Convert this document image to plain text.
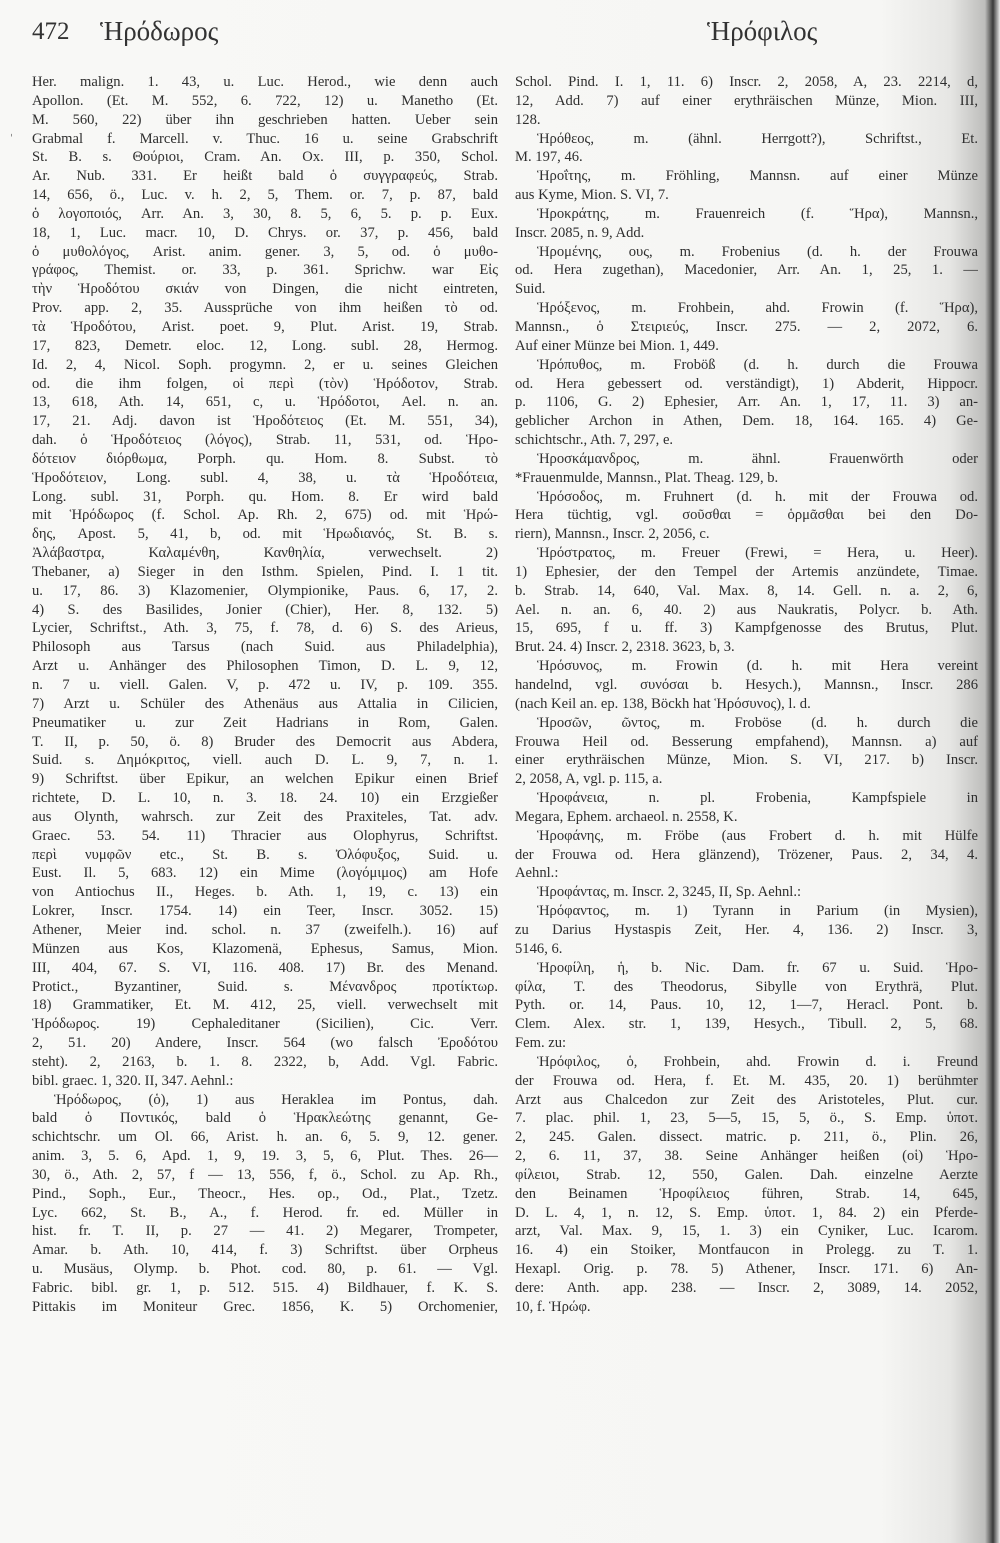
472 Ἡρόδωρος	Ἡρόφιλος
ˌ
Her. malign. 1. 43, u. Luc. Herod., wie denn auch
Apollon. (Et. M. 552, 6. 722, 12) u. Manetho (Et.
M. 560, 22) über ihn geschrieben hatten. Ueber sein
Grabmal f. Marcell. v. Thuc. 16 u. seine Grabschrift
St. B. s. Θούριοι, Cram. An. Ox. III, p. 350, Schol.
Ar. Nub. 331. Er heißt bald ὁ συγγραφεύς, Strab.
14, 656, ö., Luc. v. h. 2, 5, Them. or. 7, p. 87, bald
ὁ λογοποιός, Arr. An. 3, 30, 8. 5, 6, 5. p. p. Eux.
18, 1, Luc. macr. 10, D. Chrys. or. 37, p. 456, bald
ὁ μυθολόγος, Arist. anim. gener. 3, 5, od. ὁ μυθο-
γράφος, Themist. or. 33, p. 361. Sprichw. war Εἰς
τὴν Ἡροδότου σκιάν von Dingen, die nicht eintreten,
Prov. app. 2, 35. Aussprüche von ihm heißen τὸ od.
τὰ Ἡροδότου, Arist. poet. 9, Plut. Arist. 19, Strab.
17, 823, Demetr. eloc. 12, Long. subl. 28, Hermog.
Id. 2, 4, Nicol. Soph. progymn. 2, er u. seines Gleichen
od. die ihm folgen, οἱ περὶ (τὸν) Ἡρόδοτον, Strab.
13, 618, Ath. 14, 651, c, u. Ἡρόδοτοι, Ael. n. an.
17, 21. Adj. davon ist Ἡροδότειος (Et. M. 551, 34),
dah. ὁ Ἡροδότειος (λόγος), Strab. 11, 531, od. Ἡρο-
δότειον διόρθωμα, Porph. qu. Hom. 8. Subst. τὸ
Ἡροδότειον, Long. subl. 4, 38, u. τὰ Ἡροδότεια,
Long. subl. 31, Porph. qu. Hom. 8. Er wird bald
mit Ἡρόδωρος (f. Schol. Ap. Rh. 2, 675) od. mit Ἡρώ-
δης, Apost. 5, 41, b, od. mit Ἡρωδιανός, St. B. s.
Ἀλάβαστρα, Καλαμένθη, Κανθηλία, verwechselt. 2)
Thebaner, a) Sieger in den Isthm. Spielen, Pind. I. 1 tit.
u. 17, 86. 3) Klazomenier, Olympionike, Paus. 6, 17, 2.
4) S. des Basilides, Jonier (Chier), Her. 8, 132. 5)
Lycier, Schriftst., Ath. 3, 75, f. 78, d. 6) S. des Arieus,
Philosoph aus Tarsus (nach Suid. aus Philadelphia),
Arzt u. Anhänger des Philosophen Timon, D. L. 9, 12,
n. 7 u. viell. Galen. V, p. 472 u. IV, p. 109. 355.
7) Arzt u. Schüler des Athenäus aus Attalia in Cilicien,
Pneumatiker u. zur Zeit Hadrians in Rom, Galen.
T. II, p. 50, ö. 8) Bruder des Democrit aus Abdera,
Suid. s. Δημόκριτος, viell. auch D. L. 9, 7, n. 1.
9) Schriftst. über Epikur, an welchen Epikur einen Brief
richtete, D. L. 10, n. 3. 18. 24. 10) ein Erzgießer
aus Olynth, wahrsch. zur Zeit des Praxiteles, Tat. adv.
Graec. 53. 54. 11) Thracier aus Olophyrus, Schriftst.
περὶ νυμφῶν etc., St. B. s. Ὀλόφυξος, Suid. u.
Eust. Il. 5, 683. 12) ein Mime (λογόμιμος) am Hofe
von Antiochus II., Heges. b. Ath. 1, 19, c. 13) ein
Lokrer, Inscr. 1754. 14) ein Teer, Inscr. 3052. 15)
Athener, Meier ind. schol. n. 37 (zweifelh.). 16) auf
Münzen aus Kos, Klazomenä, Ephesus, Samus, Mion.
III, 404, 67. S. VI, 116. 408. 17) Br. des Menand.
Protict., Byzantiner, Suid. s. Μένανδρος προτίκτωρ.
18) Grammatiker, Et. M. 412, 25, viell. verwechselt mit
Ἡρόδωρος. 19) Cephaleditaner (Sicilien), Cic. Verr.
2, 51. 20) Andere, Inscr. 564 (wo falsch Ἐροδότου
steht). 2, 2163, b. 1. 8. 2322, b, Add. Vgl. Fabric.
bibl. graec. 1, 320. II, 347. Aehnl.:
Ἡρόδωρος, (ὁ), 1) aus Heraklea im Pontus, dah.
bald ὁ Ποντικός, bald ὁ Ἡρακλεώτης genannt, Ge-
schichtschr. um Ol. 66, Arist. h. an. 6, 5. 9, 12. gener.
anim. 3, 5. 6, Apd. 1, 9, 19. 3, 5, 6, Plut. Thes. 26—
30, ö., Ath. 2, 57, f — 13, 556, f, ö., Schol. zu Ap. Rh.,
Pind., Soph., Eur., Theocr., Hes. op., Od., Plat., Tzetz.
Lyc. 662, St. B., A., f. Herod. fr. ed. Müller in
hist. fr. T. II, p. 27 — 41. 2) Megarer, Trompeter,
Amar. b. Ath. 10, 414, f. 3) Schriftst. über Orpheus
u. Musäus, Olymp. b. Phot. cod. 80, p. 61. — Vgl.
Fabric. bibl. gr. 1, p. 512. 515. 4) Bildhauer, f. K. S.
Pittakis im Moniteur Grec. 1856, K. 5) Orchomenier,
Schol. Pind. I. 1, 11. 6) Inscr. 2, 2058, A, 23. 2214, d,
12, Add. 7) auf einer erythräischen Münze, Mion. III,
128.
Ἡρόθεος, m. (ähnl. Herrgott?), Schriftst., Et.
M. 197, 46.
Ἡροΐτης, m. Fröhling, Mannsn. auf einer Münze
aus Kyme, Mion. S. VI, 7.
Ἡροκράτης, m. Frauenreich (f. Ἥρα), Mannsn.,
Inscr. 2085, n. 9, Add.
Ἡρομένης, ους, m. Frobenius (d. h. der Frouwa
od. Hera zugethan), Macedonier, Arr. An. 1, 25, 1. —
Suid.
Ἡρόξενος, m. Frohbein, ahd. Frowin (f. Ἥρα),
Mannsn., ὁ Στειριεύς, Inscr. 275. — 2, 2072, 6.
Auf einer Münze bei Mion. 1, 449.
Ἡρόπυθος, m. Froböß (d. h. durch die Frouwa
od. Hera gebessert od. verständigt), 1) Abderit, Hippocr.
p. 1106, G. 2) Ephesier, Arr. An. 1, 17, 11. 3) an-
geblicher Archon in Athen, Dem. 18, 164. 165. 4) Ge-
schichtschr., Ath. 7, 297, e.
Ἡροσκάμανδρος, m. ähnl. Frauenwörth oder
*Frauenmulde, Mannsn., Plat. Theag. 129, b.
Ἡρόσοδος, m. Fruhnert (d. h. mit der Frouwa od.
Hera tüchtig, vgl. σοῦσθαι = ὁρμᾶσθαι bei den Do-
riern), Mannsn., Inscr. 2, 2056, c.
Ἡρόστρατος, m. Freuer (Frewi, = Hera, u. Heer).
1) Ephesier, der den Tempel der Artemis anzündete, Timae.
b. Strab. 14, 640, Val. Max. 8, 14. Gell. n. a. 2, 6,
Ael. n. an. 6, 40. 2) aus Naukratis, Polycr. b. Ath.
15, 695, f u. ff. 3) Kampfgenosse des Brutus, Plut.
Brut. 24. 4) Inscr. 2, 2318. 3623, b, 3.
Ἡρόσυνος, m. Frowin (d. h. mit Hera vereint
handelnd, vgl. συνόσαι b. Hesych.), Mannsn., Inscr. 286
(nach Keil an. ep. 138, Böckh hat Ἡρόσυνος), l. d.
Ἡροσῶν, ῶντος, m. Froböse (d. h. durch die
Frouwa Heil od. Besserung empfahend), Mannsn. a) auf
einer erythräischen Münze, Mion. S. VI, 217. b) Inscr.
2, 2058, A, vgl. p. 115, a.
Ἡροφάνεια, n. pl. Frobenia, Kampfspiele in
Megara, Ephem. archaeol. n. 2558, K.
Ἡροφάνης, m. Fröbe (aus Frobert d. h. mit Hülfe
der Frouwa od. Hera glänzend), Trözener, Paus. 2, 34, 4.
Aehnl.:
Ἡροφάντας, m. Inscr. 2, 3245, II, Sp. Aehnl.:
Ἡρόφαντος, m. 1) Tyrann in Parium (in Mysien),
zu Darius Hystaspis Zeit, Her. 4, 136. 2) Inscr. 3,
5146, 6.
Ἡροφίλη, ἡ, b. Nic. Dam. fr. 67 u. Suid. Ἡρο-
φίλα, T. des Theodorus, Sibylle von Erythrä, Plut.
Pyth. or. 14, Paus. 10, 12, 1—7, Heracl. Pont. b.
Clem. Alex. str. 1, 139, Hesych., Tibull. 2, 5, 68.
Fem. zu:
Ἡρόφιλος, ὁ, Frohbein, ahd. Frowin d. i. Freund
der Frouwa od. Hera, f. Et. M. 435, 20. 1) berühmter
Arzt aus Chalcedon zur Zeit des Aristoteles, Plut. cur.
7. plac. phil. 1, 23, 5—5, 15, 5, ö., S. Emp. ὑποτ.
2, 245. Galen. dissect. matric. p. 211, ö., Plin. 26,
2, 6. 11, 37, 38. Seine Anhänger heißen (οἱ) Ἡρο-
φίλειοι, Strab. 12, 550, Galen. Dah. einzelne Aerzte
den Beinamen Ἡροφίλειος führen, Strab. 14, 645,
D. L. 4, 1, n. 12, S. Emp. ὑποτ. 1, 84. 2) ein Pferde-
arzt, Val. Max. 9, 15, 1. 3) ein Cyniker, Luc. Icarom.
16. 4) ein Stoiker, Montfaucon in Prolegg. zu T. 1.
Hexapl. Orig. p. 78. 5) Athener, Inscr. 171. 6) An-
dere: Anth. app. 238. — Inscr. 2, 3089, 14. 2052,
10, f. Ἡρώφ.
